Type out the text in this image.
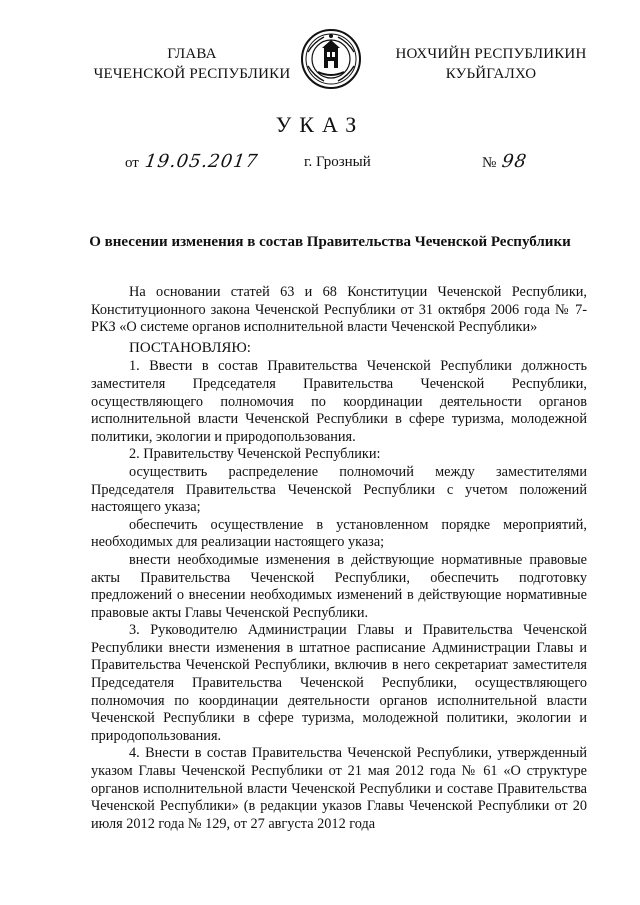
ГЛАВА
ЧЕЧЕНСКОЙ РЕСПУБЛИКИ
НОХЧИЙН РЕСПУБЛИКИН
КУЬЙГАЛХО
УКАЗ
от 19.05.2017	г. Грозный	№ 98
О внесении изменения в состав Правительства Чеченской Республики

На основании статей 63 и 68 Конституции Чеченской Республики, Конституционного закона Чеченской Республики от 31 октября 2006 года № 7-РКЗ «О системе органов исполнительной власти Чеченской Республики»

ПОСТАНОВЛЯЮ:

1. Ввести в состав Правительства Чеченской Республики должность заместителя Председателя Правительства Чеченской Республики, осуществляющего полномочия по координации деятельности органов исполнительной власти Чеченской Республики в сфере туризма, молодежной политики, экологии и природопользования.

2. Правительству Чеченской Республики:

осуществить распределение полномочий между заместителями Председателя Правительства Чеченской Республики с учетом положений настоящего указа;

обеспечить осуществление в установленном порядке мероприятий, необходимых для реализации настоящего указа;

внести необходимые изменения в действующие нормативные правовые акты Правительства Чеченской Республики, обеспечить подготовку предложений о внесении необходимых изменений в действующие нормативные правовые акты Главы Чеченской Республики.

3. Руководителю Администрации Главы и Правительства Чеченской Республики внести изменения в штатное расписание Администрации Главы и Правительства Чеченской Республики, включив в него секретариат заместителя Председателя Правительства Чеченской Республики, осуществляющего полномочия по координации деятельности органов исполнительной власти Чеченской Республики в сфере туризма, молодежной политики, экологии и природопользования.

4. Внести в состав Правительства Чеченской Республики, утвержденный указом Главы Чеченской Республики от 21 мая 2012 года № 61 «О структуре органов исполнительной власти Чеченской Республики и составе Правительства Чеченской Республики» (в редакции указов Главы Чеченской Республики от 20 июля 2012 года № 129, от 27 августа 2012 года
